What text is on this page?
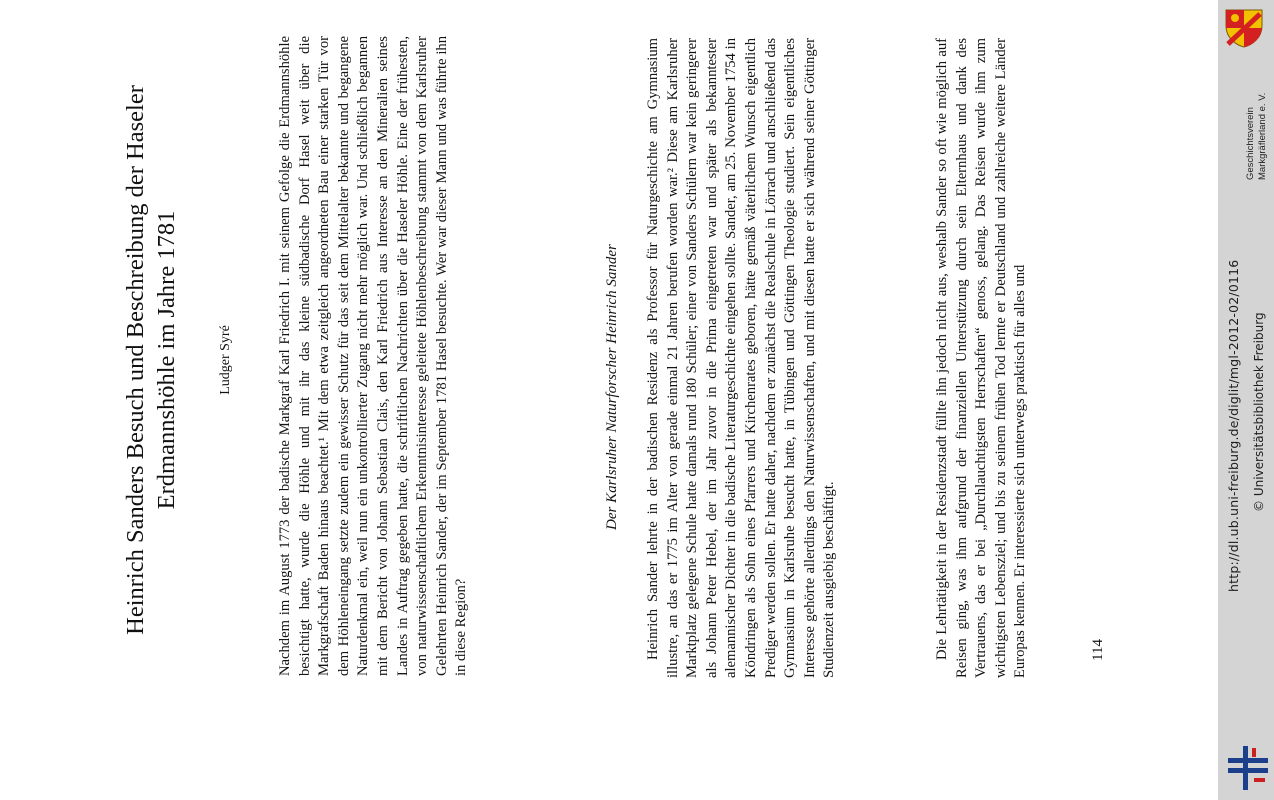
Heinrich Sanders Besuch und Beschreibung der Haseler Erdmannshöhle im Jahre 1781	Ludger Syré	Nachdem im August 1773 der badische Markgraf Karl Friedrich I. mit seinem Gefolge die Erdmannshöhle besichtigt hatte, wurde die Höhle und mit ihr das kleine südbadische Dorf Hasel weit über die Markgrafschaft Baden hinaus beachtet.¹ Mit dem etwa zeitgleich angeordneten Bau einer starken Tür vor dem Höhleneingang setzte zudem ein gewisser Schutz für das seit dem Mittelalter bekannte und begangene Naturdenkmal ein, weil nun ein unkontrollierter Zugang nicht mehr möglich war. Und schließlich begannen mit dem Bericht von Johann Sebastian Clais, den Karl Friedrich aus Interesse an den Mineralien seines Landes in Auftrag gegeben hatte, die schriftlichen Nachrichten über die Haseler Höhle. Eine der frühesten, von naturwissenschaftlichem Erkenntnisinteresse geleitete Höhlenbeschreibung stammt von dem Karlsruher Gelehrten Heinrich Sander, der im September 1781 Hasel besuchte. Wer war dieser Mann und was führte ihn in diese Region?
Der Karlsruher Naturforscher Heinrich Sander Heinrich Sander lehrte in der badischen Residenz als Professor für Naturgeschichte am Gymnasium illustre, an das er 1775 im Alter von gerade einmal 21 Jahren berufen worden war.² Diese am Karlsruher Marktplatz gelegene Schule hatte damals rund 180 Schüler; einer von Sanders Schülern war kein geringerer als Johann Peter Hebel, der im Jahr zuvor in die Prima eingetreten war und später als bekanntester alemannischer Dichter in die badische Literaturgeschichte eingehen sollte. Sander, am 25. November 1754 in Köndringen als Sohn eines Pfarrers und Kirchenrates geboren, hätte gemäß väterlichem Wunsch eigentlich Prediger werden sollen. Er hatte daher, nachdem er zunächst die Realschule in Lörrach und anschließend das Gymnasium in Karlsruhe besucht hatte, in Tübingen und Göttingen Theologie studiert. Sein eigentliches Interesse gehörte allerdings den Naturwissenschaften, und mit diesen hatte er sich während seiner Göttinger Studienzeit ausgiebig beschäftigt.	Die Lehrtätigkeit in der Residenzstadt füllte ihn jedoch nicht aus, weshalb Sander so oft wie möglich auf Reisen ging, was ihm aufgrund der finanziellen Unterstützung durch sein Elternhaus und dank des Vertrauens, das er bei „Durchlauchtigsten Herrschaften“ genoss, gelang. Das Reisen wurde ihm zum wichtigsten Lebensziel; und bis zu seinem frühen Tod lernte er Deutschland und zahlreiche weitere Länder Europas kennen. Er interessierte sich unterwegs praktisch für alles und	114
Geschichtsverein Markgräflerland e. V.
http://dl.ub.uni-freiburg.de/diglit/mgl-2012-02/0116 © Universitätsbibliothek Freiburg
